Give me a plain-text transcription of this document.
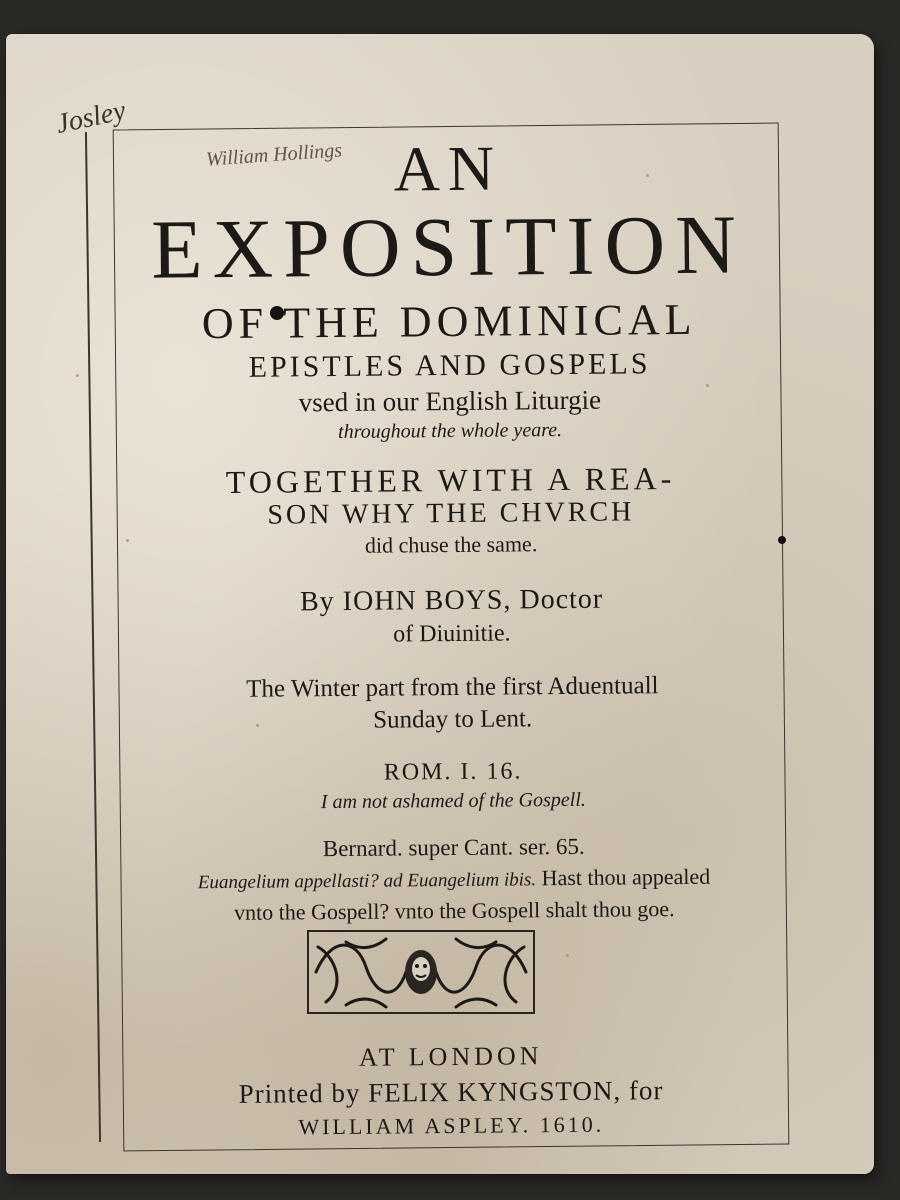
Josley
William Hollings AN
EXPOSITION
OF THE DOMINICAL
EPISTLES AND GOSPELS
vsed in our English Liturgie
throughout the whole yeare.
TOGETHER WITH A REA-
SON WHY THE CHVRCH
did chuse the same.
By IOHN BOYS, Doctor
of Diuinitie.
The Winter part from the first Aduentuall
Sunday to Lent.
ROM. I. 16.
I am not ashamed of the Gospell.
Bernard. super Cant. ser. 65.
Euangelium appellasti? ad Euangelium ibis. Hast thou appealed
vnto the Gospell? vnto the Gospell shalt thou goe.
AT LONDON
Printed by FELIX KYNGSTON, for
WILLIAM ASPLEY. 1610.
